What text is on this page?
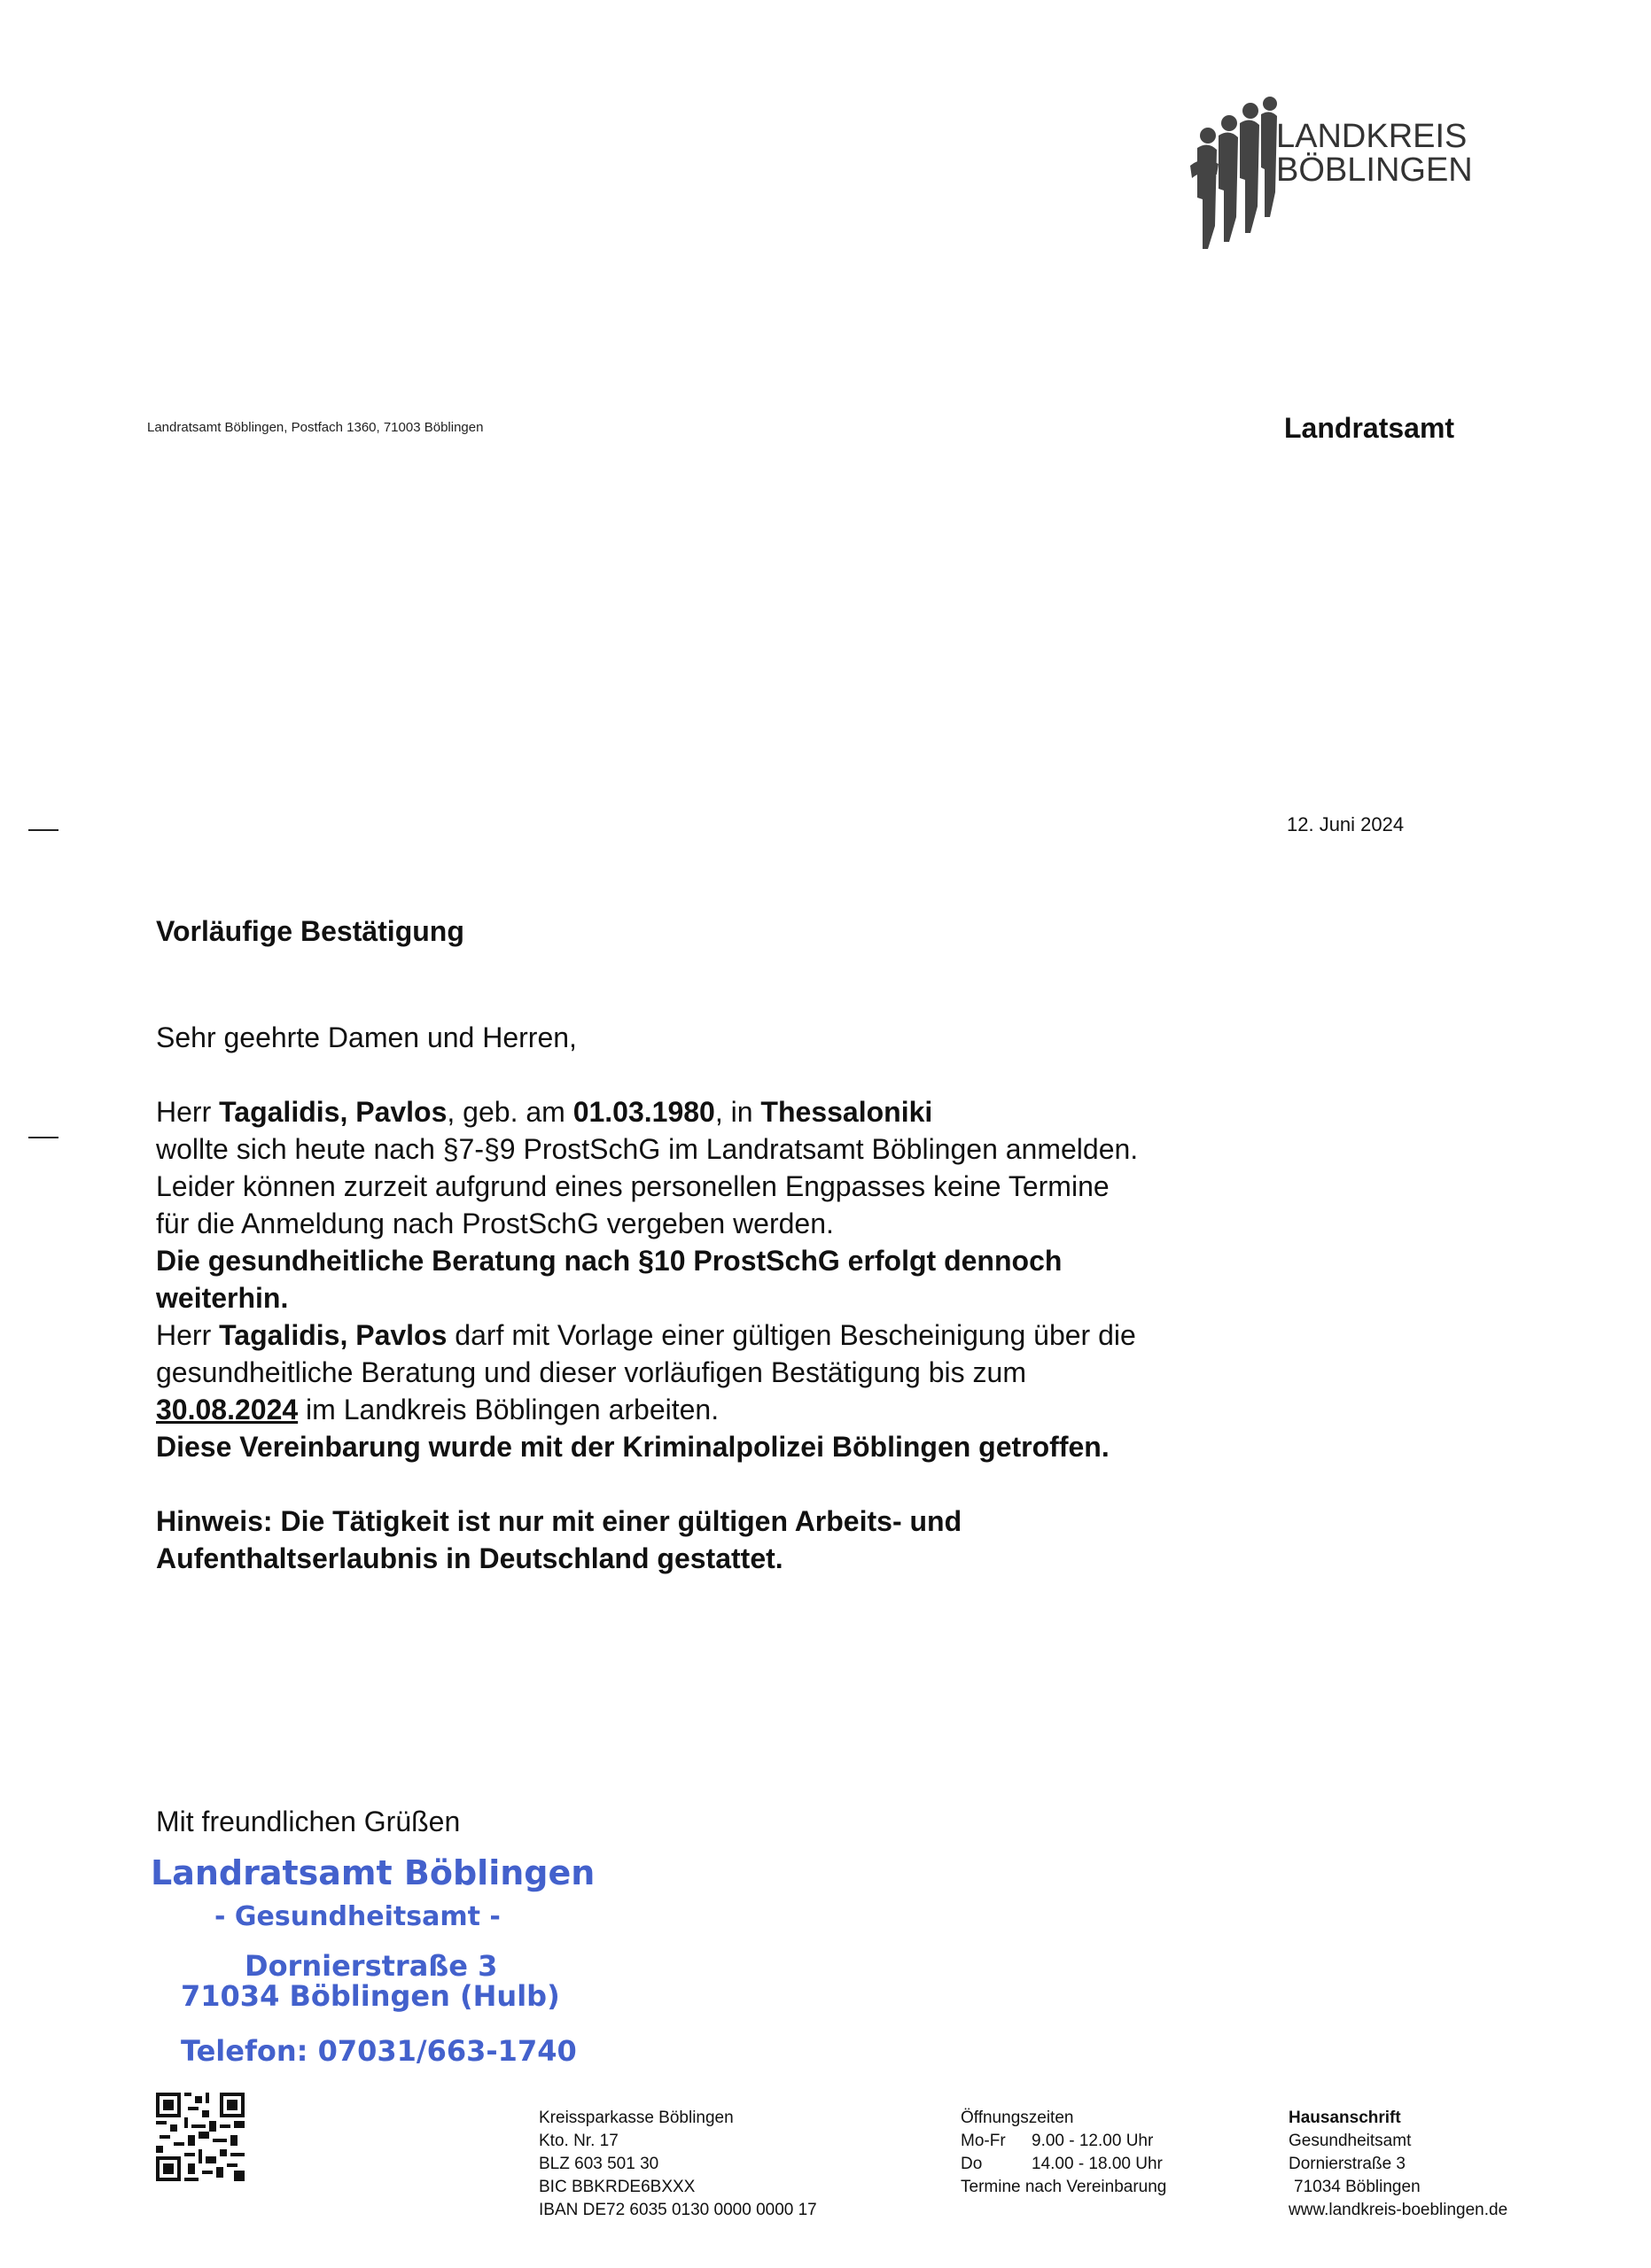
LANDKREIS
BÖBLINGEN
Landratsamt Böblingen, Postfach 1360, 71003 Böblingen	Landratsamt
12. Juni 2024
Vorläufige Bestätigung

Sehr geehrte Damen und Herren,

Herr Tagalidis, Pavlos, geb. am 01.03.1980, in Thessaloniki

wollte sich heute nach §7-§9 ProstSchG im Landratsamt Böblingen anmelden.

Leider können zurzeit aufgrund eines personellen Engpasses keine Termine

für die Anmeldung nach ProstSchG vergeben werden.

Die gesundheitliche Beratung nach §10 ProstSchG erfolgt dennoch weiterhin.

Herr Tagalidis, Pavlos darf mit Vorlage einer gültigen Bescheinigung über die

gesundheitliche Beratung und dieser vorläufigen Bestätigung bis zum

30.08.2024 im Landkreis Böblingen arbeiten.

Diese Vereinbarung wurde mit der Kriminalpolizei Böblingen getroffen.

Hinweis: Die Tätigkeit ist nur mit einer gültigen Arbeits- und

Aufenthaltserlaubnis in Deutschland gestattet.

Mit freundlichen Grüßen
Landratsamt Böblingen
- Gesundheitsamt -
Dornierstraße 3
71034 Böblingen (Hulb)
Telefon: 07031/663-1740
Kreissparkasse Böblingen
Kto. Nr. 17
BLZ 603 501 30
BIC BBKRDE6BXXX
IBAN DE72 6035 0130 0000 0000 17
Öffnungszeiten
Mo-Fr 9.00 - 12.00 Uhr
Do	14.00 - 18.00 Uhr
Termine nach Vereinbarung
Hausanschrift
Gesundheitsamt
Dornierstraße 3
71034 Böblingen
www.landkreis-boeblingen.de
